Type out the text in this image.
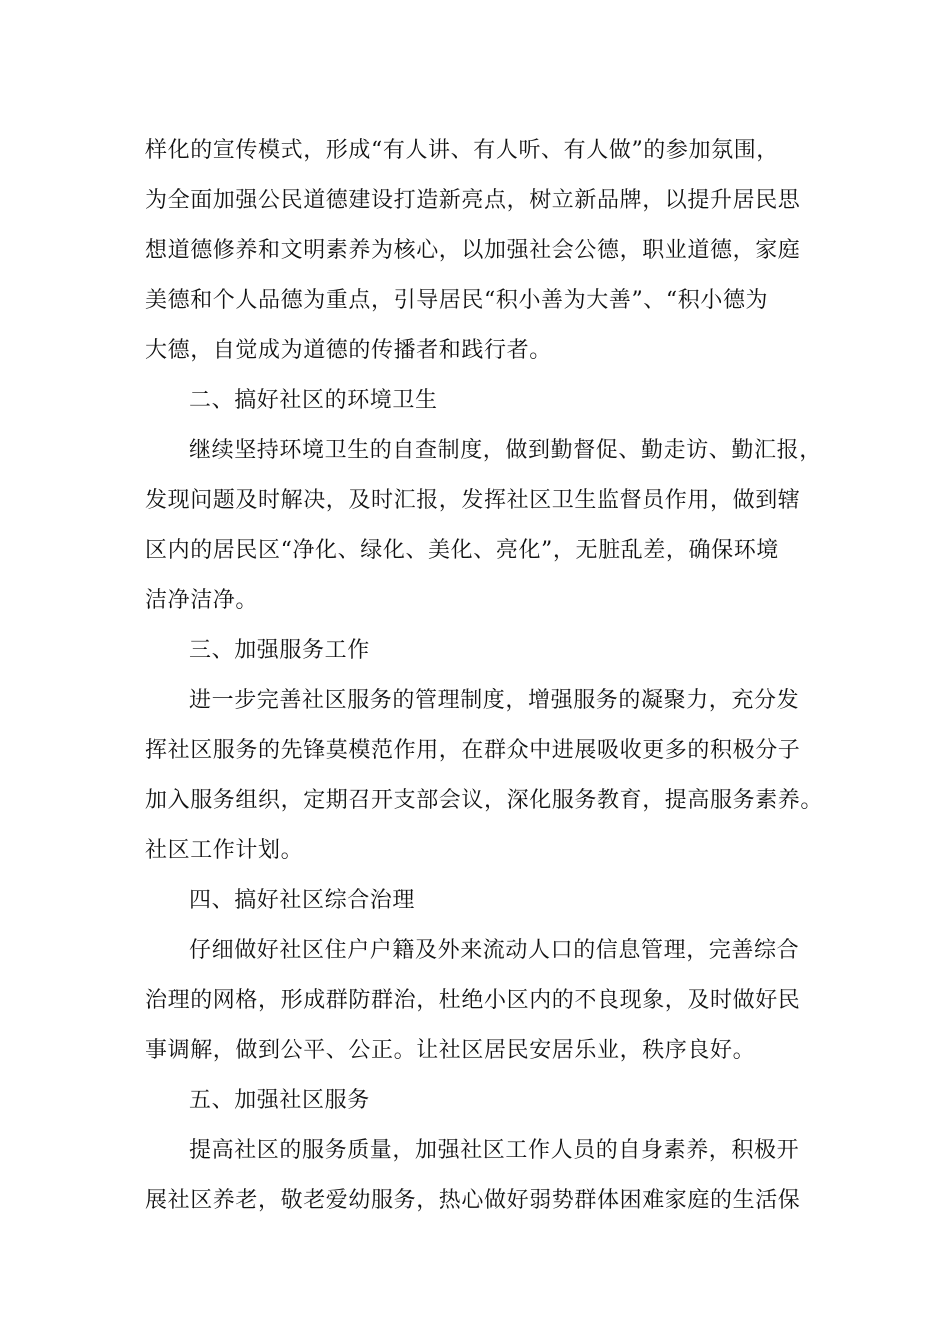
样化的宣传模式，形成“有人讲、有人听、有人做”的参加氛围，
为全面加强公民道德建设打造新亮点，树立新品牌，以提升居民思
想道德修养和文明素养为核心，以加强社会公德，职业道德，家庭
美德和个人品德为重点，引导居民“积小善为大善”、“积小德为
大德，自觉成为道德的传播者和践行者。
二、搞好社区的环境卫生
继续坚持环境卫生的自查制度，做到勤督促、勤走访、勤汇报，
发现问题及时解决，及时汇报，发挥社区卫生监督员作用，做到辖
区内的居民区“净化、绿化、美化、亮化”，无脏乱差，确保环境
洁净洁净。
三、加强服务工作
进一步完善社区服务的管理制度，增强服务的凝聚力，充分发
挥社区服务的先锋莫模范作用，在群众中进展吸收更多的积极分子
加入服务组织，定期召开支部会议，深化服务教育，提高服务素养。
社区工作计划。
四、搞好社区综合治理
仔细做好社区住户户籍及外来流动人口的信息管理，完善综合
治理的网格，形成群防群治，杜绝小区内的不良现象，及时做好民
事调解，做到公平、公正。让社区居民安居乐业，秩序良好。
五、加强社区服务
提高社区的服务质量，加强社区工作人员的自身素养，积极开
展社区养老，敬老爱幼服务，热心做好弱势群体困难家庭的生活保
